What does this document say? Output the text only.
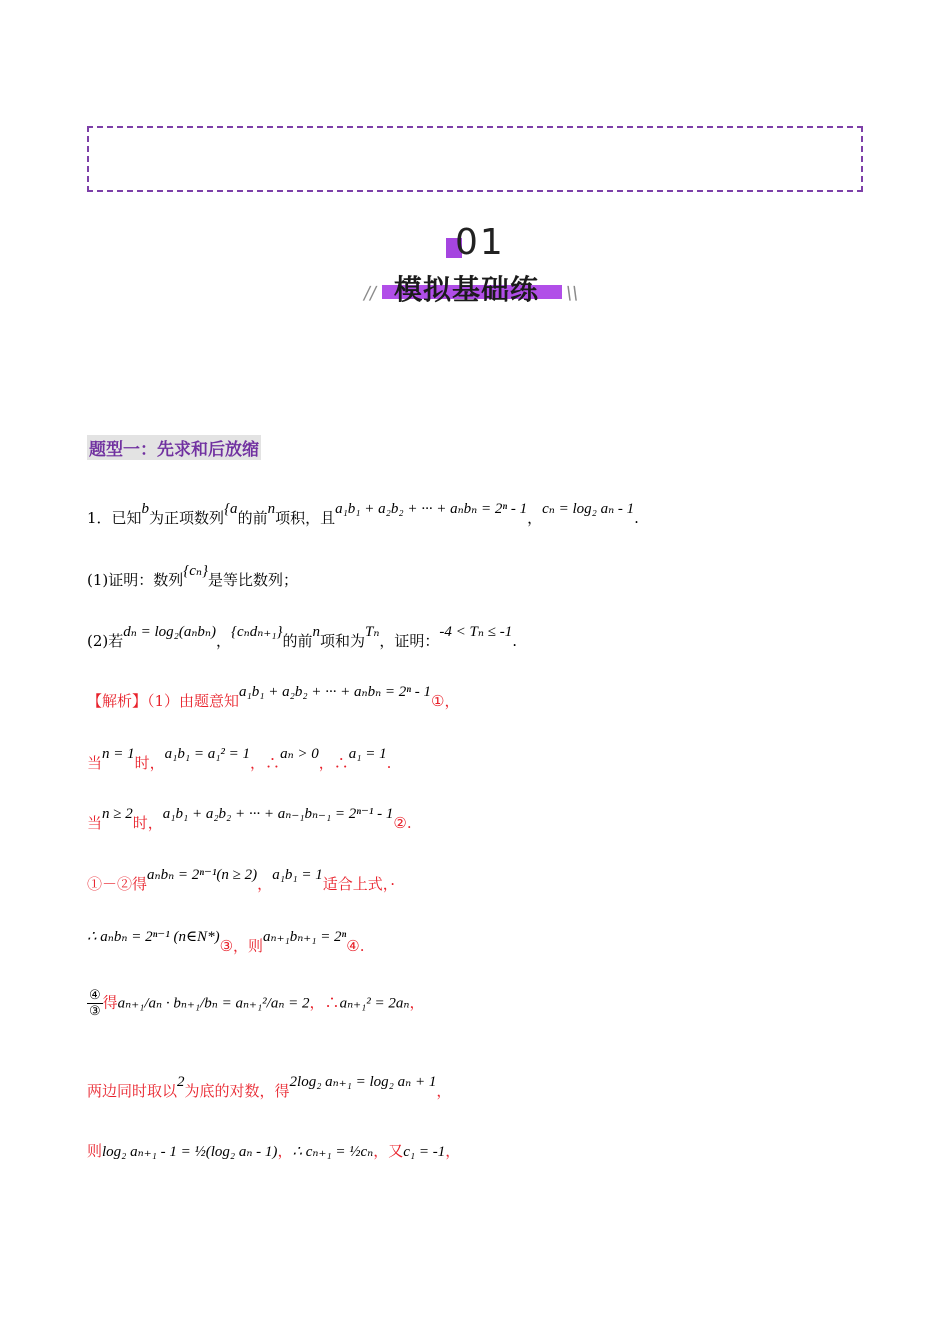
01
// 模拟基础练 \\
题型一：先求和后放缩
1．已知b为正项数列{a的前n项积，且a₁b₁ + a₂b₂ + ··· + aₙbₙ = 2ⁿ - 1，cₙ = log₂ aₙ - 1.
(1)证明：数列{cₙ}是等比数列；
(2)若dₙ = log₂(aₙbₙ)，{cₙdₙ₊₁}的前n项和为Tₙ，证明：-4 < Tₙ ≤ -1.
【解析】（1）由题意知a₁b₁ + a₂b₂ + ··· + aₙbₙ = 2ⁿ - 1①，
当n = 1时，a₁b₁ = a₁² = 1，∴aₙ > 0，∴a₁ = 1.
当n ≥ 2时，a₁b₁ + a₂b₂ + ··· + aₙ₋₁bₙ₋₁ = 2ⁿ⁻¹ - 1②.
①－②得aₙbₙ = 2ⁿ⁻¹(n ≥ 2)，a₁b₁ = 1适合上式，·
∴ aₙbₙ = 2ⁿ⁻¹ (n∈N*)③，则aₙ₊₁bₙ₊₁ = 2ⁿ④.
$\frac{\text{④}}{\text{③}}$ 得aₙ₊₁/aₙ · bₙ₊₁/bₙ = aₙ₊₁²/aₙ = 2，∴aₙ₊₁² = 2aₙ，
两边同时取以2为底的对数，得2log₂ aₙ₊₁ = log₂ aₙ + 1，
则log₂ aₙ₊₁ - 1 = ½(log₂ aₙ - 1)，∴ cₙ₊₁ = ½cₙ，又c₁ = -1，
